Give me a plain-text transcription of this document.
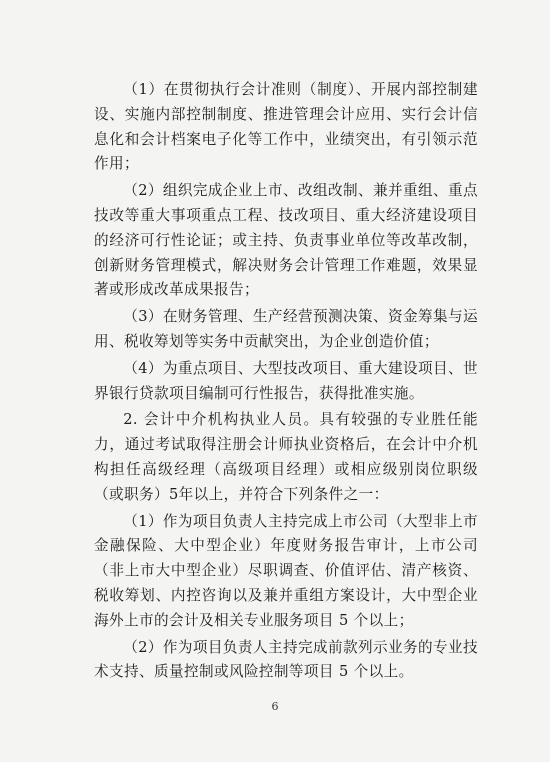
（1）在贯彻执行会计准则（制度）、开展内部控制建设、实施内部控制制度、推进管理会计应用、实行会计信息化和会计档案电子化等工作中，业绩突出，有引领示范作用；

（2）组织完成企业上市、改组改制、兼并重组、重点技改等重大事项重点工程、技改项目、重大经济建设项目的经济可行性论证；或主持、负责事业单位等改革改制，创新财务管理模式，解决财务会计管理工作难题，效果显著或形成改革成果报告；

（3）在财务管理、生产经营预测决策、资金筹集与运用、税收筹划等实务中贡献突出，为企业创造价值；

（4）为重点项目、大型技改项目、重大建设项目、世界银行贷款项目编制可行性报告，获得批准实施。

2. 会计中介机构执业人员。具有较强的专业胜任能力，通过考试取得注册会计师执业资格后，在会计中介机构担任高级经理（高级项目经理）或相应级别岗位职级（或职务）5年以上，并符合下列条件之一：

（1）作为项目负责人主持完成上市公司（大型非上市金融保险、大中型企业）年度财务报告审计，上市公司（非上市大中型企业）尽职调查、价值评估、清产核资、税收筹划、内控咨询以及兼并重组方案设计，大中型企业海外上市的会计及相关专业服务项目 5 个以上；

（2）作为项目负责人主持完成前款列示业务的专业技术支持、质量控制或风险控制等项目 5 个以上。

6
